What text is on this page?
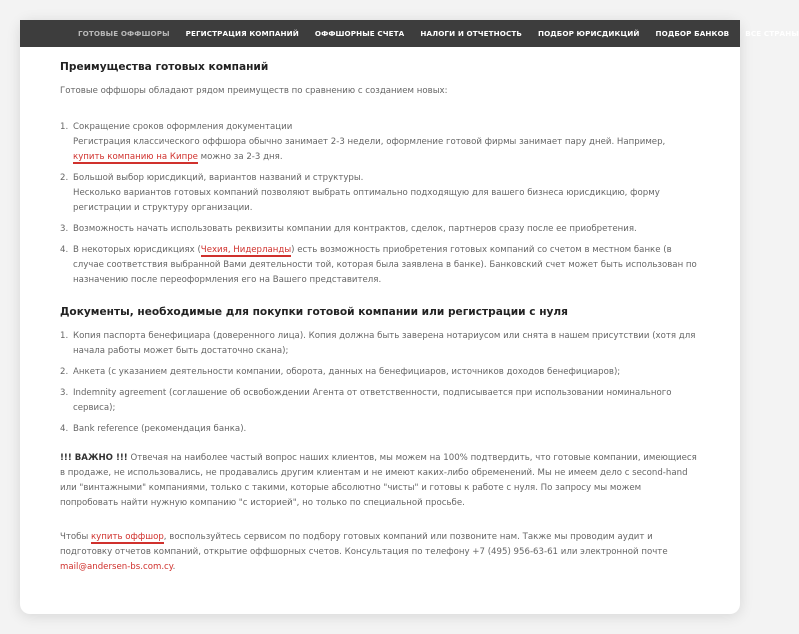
ГОТОВЫЕ ОФФШОРЫ РЕГИСТРАЦИЯ КОМПАНИЙ ОФФШОРНЫЕ СЧЕТА НАЛОГИ И ОТЧЕТНОСТЬ ПОДБОР ЮРИСДИКЦИЙ ПОДБОР БАНКОВ ВСЕ СТРАНЫ
Преимущества готовых компаний

Готовые оффшоры обладают рядом преимуществ по сравнению с созданием новых:

1. Сокращение сроков оформления документации
Регистрация классического оффшора обычно занимает 2-3 недели, оформление готовой фирмы занимает пару дней. Например, купить компанию на Кипре можно за 2-3 дня.
2. Большой выбор юрисдикций, вариантов названий и структуры.
Несколько вариантов готовых компаний позволяют выбрать оптимально подходящую для вашего бизнеса юрисдикцию, форму регистрации и структуру организации.
3. Возможность начать использовать реквизиты компании для контрактов, сделок, партнеров сразу после ее приобретения.
4. В некоторых юрисдикциях (Чехия, Нидерланды) есть возможность приобретения готовых компаний со счетом в местном банке (в случае соответствия выбранной Вами деятельности той, которая была заявлена в банке). Банковский счет может быть использован по назначению после переоформления его на Вашего представителя.
Документы, необходимые для покупки готовой компании или регистрации с нуля
1. Копия паспорта бенефициара (доверенного лица). Копия должна быть заверена нотариусом или снята в нашем присутствии (хотя для начала работы может быть достаточно скана);
2. Анкета (с указанием деятельности компании, оборота, данных на бенефициаров, источников доходов бенефициаров);
3. Indemnity agreement (соглашение об освобождении Агента от ответственности, подписывается при использовании номинального сервиса);
4. Bank reference (рекомендация банка).

!!! ВАЖНО !!! Отвечая на наиболее частый вопрос наших клиентов, мы можем на 100% подтвердить, что готовые компании, имеющиеся в продаже, не использовались, не продавались другим клиентам и не имеют каких-либо обременений. Мы не имеем дело с second-hand или "винтажными" компаниями, только с такими, которые абсолютно "чисты" и готовы к работе с нуля. По запросу мы можем попробовать найти нужную компанию "с историей", но только по специальной просьбе.

Чтобы купить оффшор, воспользуйтесь сервисом по подбору готовых компаний или позвоните нам. Также мы проводим аудит и подготовку отчетов компаний, открытие оффшорных счетов. Консультация по телефону +7 (495) 956-63-61 или электронной почте mail@andersen-bs.com.cy.
